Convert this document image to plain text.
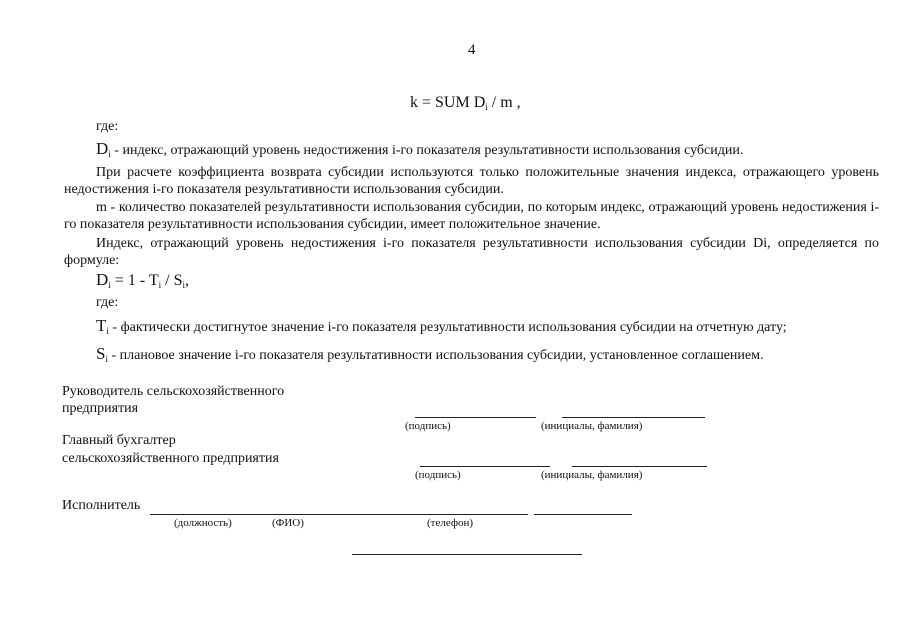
4
k = SUM $D_i$ / m ,
где:
$D_i$ - индекс, отражающий уровень недостижения i-го показателя результативности использования субсидии.
При расчете коэффициента возврата субсидии используются только положительные значения индекса, отражающего уровень недостижения i-го показателя результативности использования субсидии.
m - количество показателей результативности использования субсидии, по которым индекс, отражающий уровень недостижения i-го показателя результативности использования субсидии, имеет положительное значение.
Индекс, отражающий уровень недостижения i-го показателя результативности использования субсидии Di, определяется по формуле:
$D_i = 1 - T_i / S_i$,
где:
$T_i$ - фактически достигнутое значение i-го показателя результативности использования субсидии на отчетную дату;
$S_i$ - плановое значение i-го показателя результативности использования субсидии, установленное соглашением.
Руководитель сельскохозяйственного
предприятия
(подпись)	(инициалы, фамилия)
Главный бухгалтер
сельскохозяйственного предприятия
(подпись)	(инициалы, фамилия)
Исполнитель
(должность)	(ФИО)	(телефон)
